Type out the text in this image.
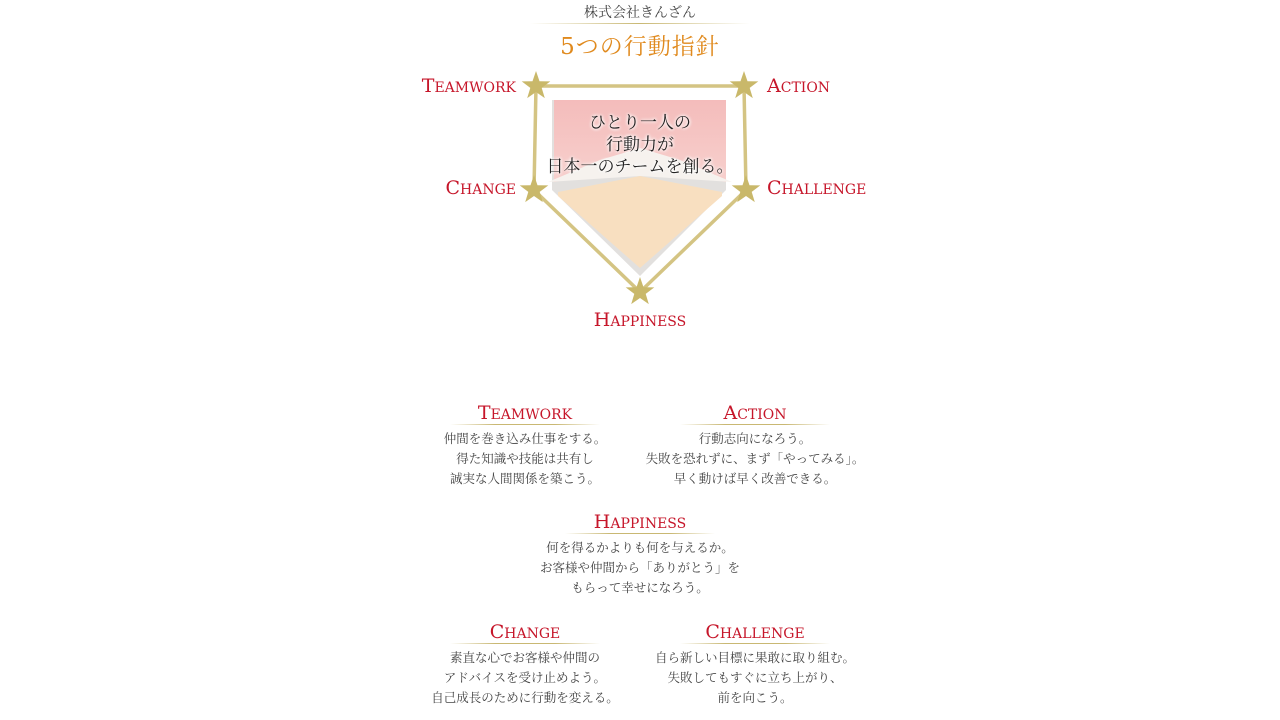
株式会社きんざん
5つの行動指針
ひとり一人の
行動力が
日本一のチームを創る。
TEAMWORK	ACTION
CHANGE	CHALLENGE
HAPPINESS
TEAMWORK
仲間を巻き込み仕事をする。
得た知識や技能は共有し
誠実な人間関係を築こう。
ACTION
行動志向になろう。
失敗を恐れずに、まず「やってみる」。
早く動けば早く改善できる。
HAPPINESS
何を得るかよりも何を与えるか。
お客様や仲間から「ありがとう」を
もらって幸せになろう。
CHANGE
素直な心でお客様や仲間の
アドバイスを受け止めよう。
自己成長のために行動を変える。
CHALLENGE
自ら新しい目標に果敢に取り組む。
失敗してもすぐに立ち上がり、
前を向こう。
